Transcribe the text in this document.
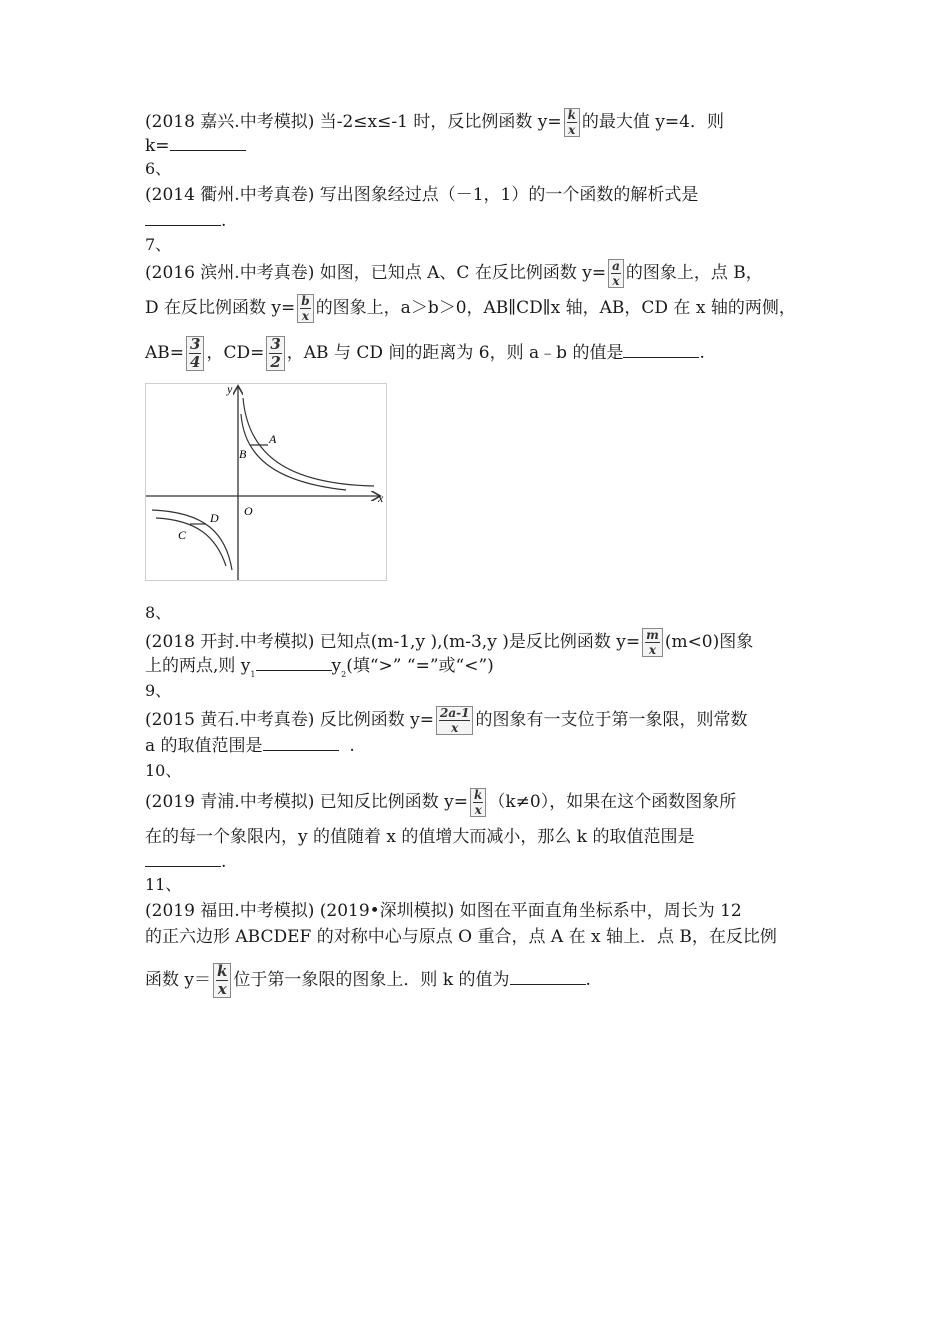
(2018 嘉兴.中考模拟) 当-2≤x≤-1 时，反比例函数 $y= \frac{k}{x}$ 的最大值 y=4．则
k=
6、
(2014 衢州.中考真卷) 写出图象经过点（－1，1）的一个函数的解析式是
.
7、
(2016 滨州.中考真卷) 如图，已知点 A、C 在反比例函数 $y= \frac{a}{x}$ 的图象上，点 B，
D 在反比例函数 $y= \frac{b}{x}$ 的图象上，a＞b＞0，AB∥CD∥x 轴，AB，CD 在 x 轴的两侧，
$AB= \frac{3}{4}$ ，$CD= \frac{3}{2}$ ，AB 与 CD 间的距离为 6，则 a﹣b 的值是	.
8、
(2018 开封.中考模拟) 已知点(m-1,y ),(m-3,y )是反比例函数 $y= \frac{m}{x} (m<0)$图象
上的两点,则 $y_1$	$y_2$(填“>” “=”或“<”)
9、
(2015 黄石.中考真卷) 反比例函数 $y= \frac{2a-1}{x}$ 的图象有一支位于第一象限，则常数
a 的取值范围是	.
10、
(2019 青浦.中考模拟) 已知反比例函数 $y= \frac{k}{x} (k\ne 0)$，如果在这个函数图象所
在的每一个象限内，y 的值随着 x 的值增大而减小，那么 k 的取值范围是
.
11、
(2019 福田.中考模拟) (2019•深圳模拟) 如图在平面直角坐标系中，周长为 12
的正六边形 ABCDEF 的对称中心与原点 O 重合，点 A 在 x 轴上．点 B，在反比例
函数 $y= \frac{k}{x}$ 位于第一象限的图象上．则 k 的值为	.
y
x
O
A
B
D
C
